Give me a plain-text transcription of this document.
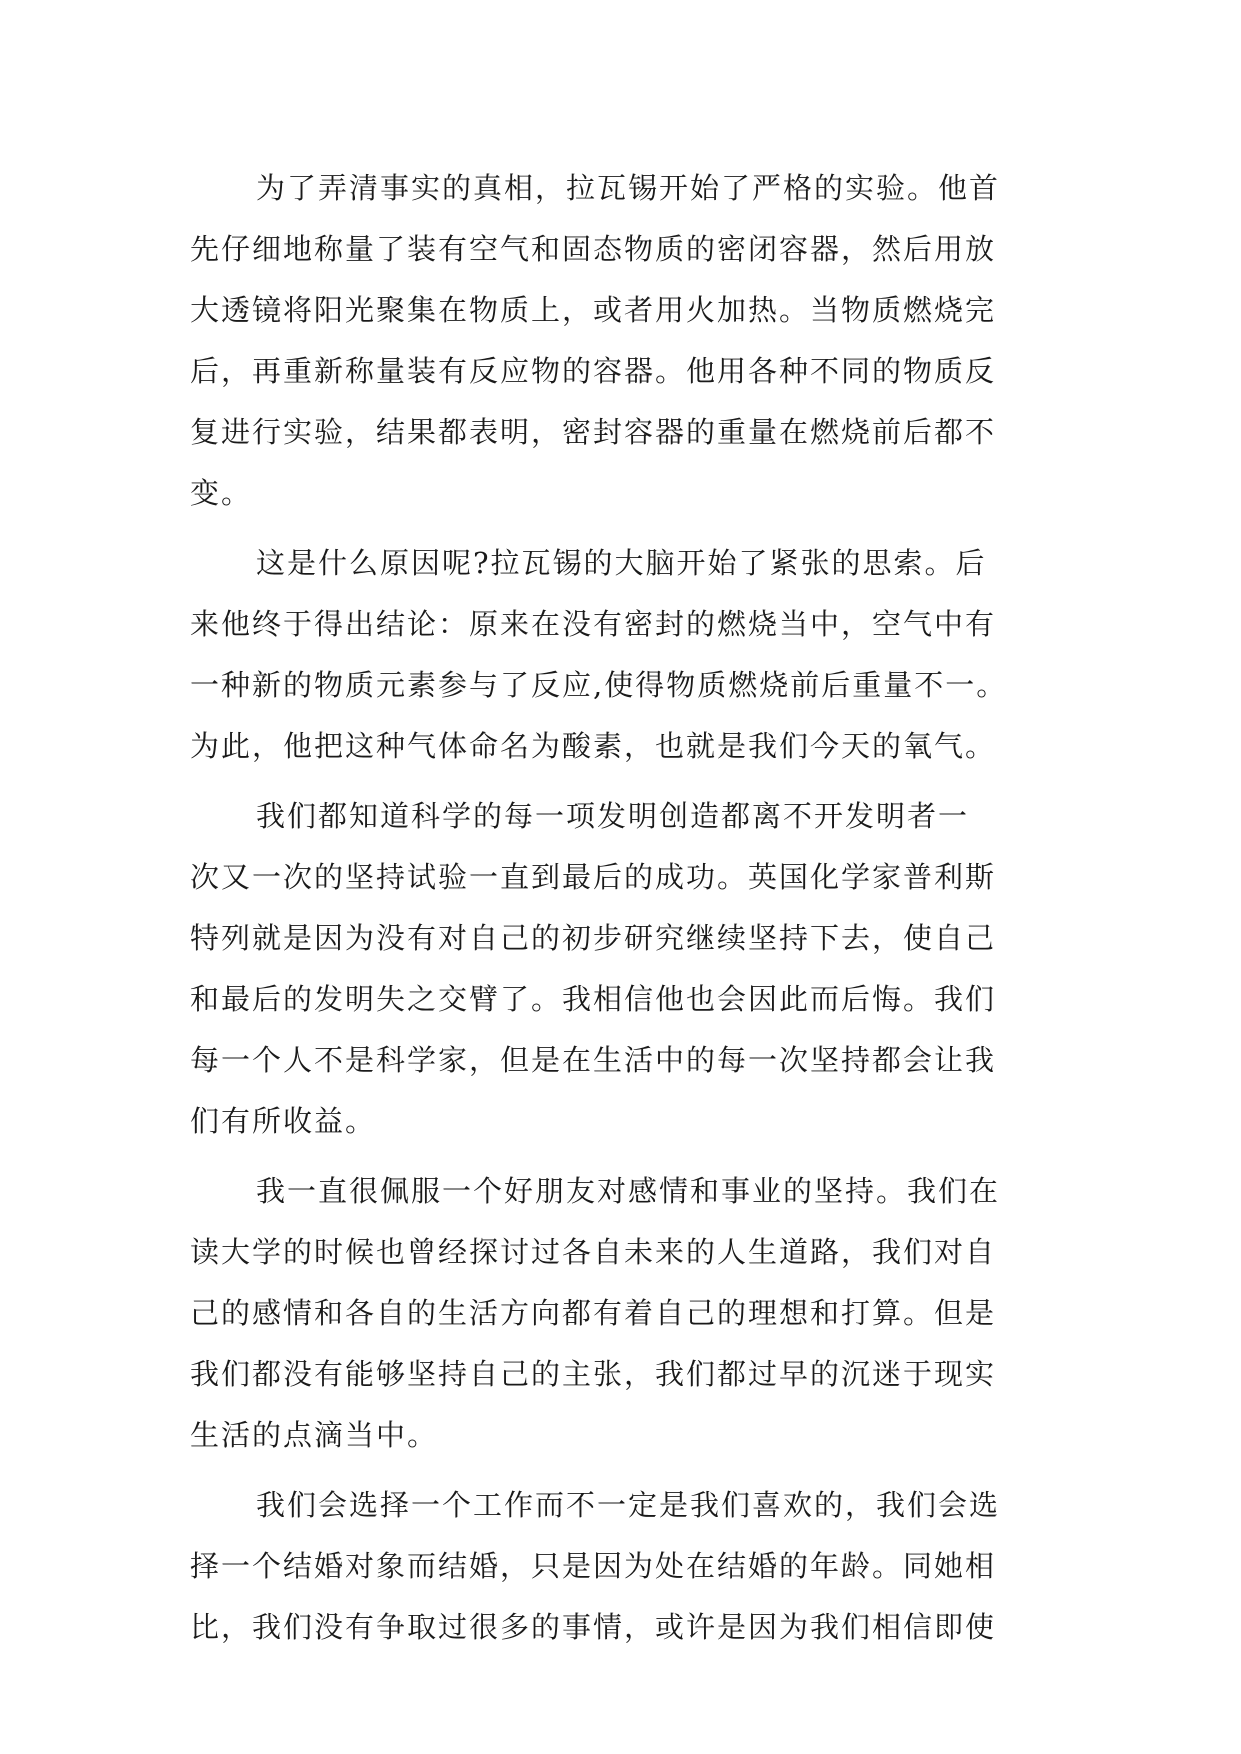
为了弄清事实的真相，拉瓦锡开始了严格的实验。他首
先仔细地称量了装有空气和固态物质的密闭容器，然后用放
大透镜将阳光聚集在物质上，或者用火加热。当物质燃烧完
后，再重新称量装有反应物的容器。他用各种不同的物质反
复进行实验，结果都表明，密封容器的重量在燃烧前后都不
变。
这是什么原因呢?拉瓦锡的大脑开始了紧张的思索。后
来他终于得出结论：原来在没有密封的燃烧当中，空气中有
一种新的物质元素参与了反应,使得物质燃烧前后重量不一。
为此，他把这种气体命名为酸素，也就是我们今天的氧气。
我们都知道科学的每一项发明创造都离不开发明者一
次又一次的坚持试验一直到最后的成功。英国化学家普利斯
特列就是因为没有对自己的初步研究继续坚持下去，使自己
和最后的发明失之交臂了。我相信他也会因此而后悔。我们
每一个人不是科学家，但是在生活中的每一次坚持都会让我
们有所收益。
我一直很佩服一个好朋友对感情和事业的坚持。我们在
读大学的时候也曾经探讨过各自未来的人生道路，我们对自
己的感情和各自的生活方向都有着自己的理想和打算。但是
我们都没有能够坚持自己的主张，我们都过早的沉迷于现实
生活的点滴当中。
我们会选择一个工作而不一定是我们喜欢的，我们会选
择一个结婚对象而结婚，只是因为处在结婚的年龄。同她相
比，我们没有争取过很多的事情，或许是因为我们相信即使
